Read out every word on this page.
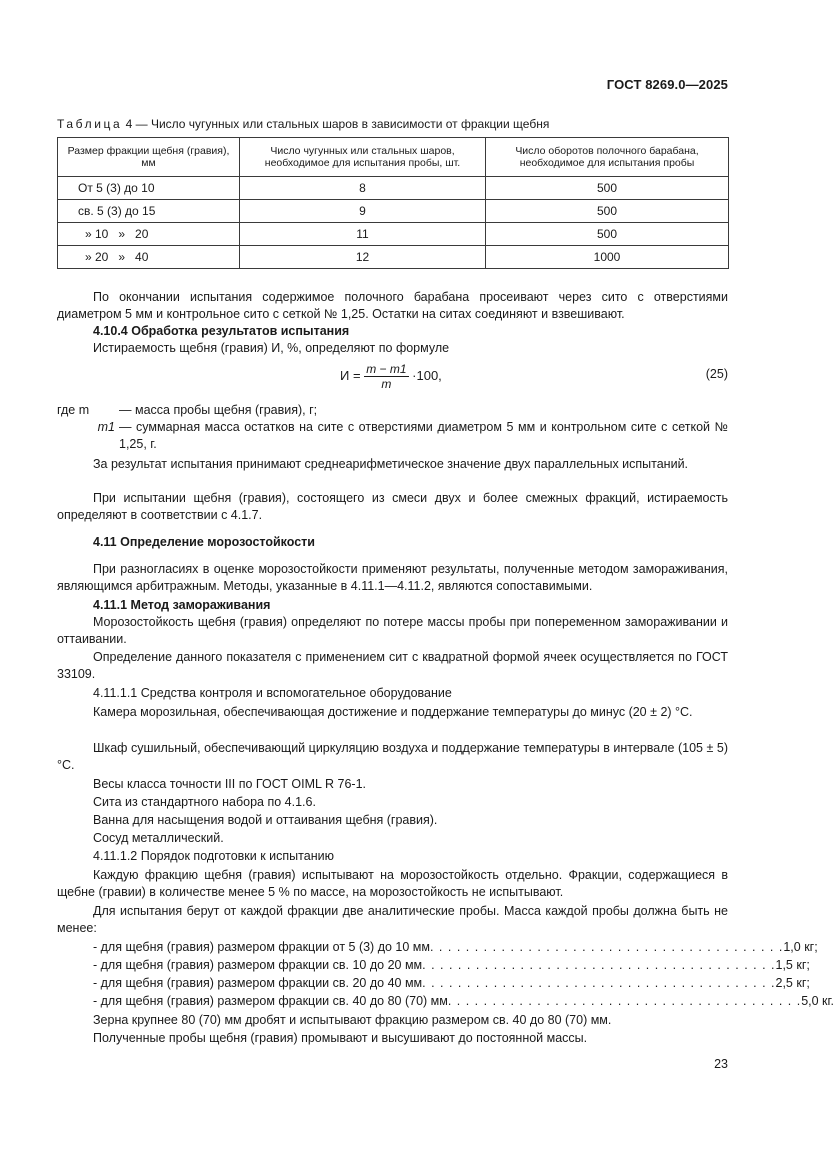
ГОСТ 8269.0—2025
Таблица 4 — Число чугунных или стальных шаров в зависимости от фракции щебня
Размер фракции щебня (гравия), мм	Число чугунных или стальных шаров, необходимое для испытания пробы, шт.	Число оборотов полочного барабана, необходимое для испытания пробы
От 5 (3) до 10	8	500
св. 5 (3) до 15	9	500
» 10   »   20	11	500
» 20   »   40	12	1000
По окончании испытания содержимое полочного барабана просеивают через сито с отверстиями диаметром 5 мм и контрольное сито с сеткой № 1,25. Остатки на ситах соединяют и взвешивают.
4.10.4 Обработка результатов испытания
Истираемость щебня (гравия) И, %, определяют по формуле
$И = \frac{m - m1}{m} \cdot 100$,	(25)
где m	— масса пробы щебня (гравия), г;
m1 — суммарная масса остатков на сите с отверстиями диаметром 5 мм и контрольном сите с сеткой № 1,25, г.
За результат испытания принимают среднеарифметическое значение двух параллельных испытаний.
При испытании щебня (гравия), состоящего из смеси двух и более смежных фракций, истираемость определяют в соответствии с 4.1.7.
4.11 Определение морозостойкости
При разногласиях в оценке морозостойкости применяют результаты, полученные методом замораживания, являющимся арбитражным. Методы, указанные в 4.11.1—4.11.2, являются сопоставимыми.
4.11.1 Метод замораживания
Морозостойкость щебня (гравия) определяют по потере массы пробы при попеременном замораживании и оттаивании.
Определение данного показателя с применением сит с квадратной формой ячеек осуществляется по ГОСТ 33109.
4.11.1.1 Средства контроля и вспомогательное оборудование
Камера морозильная, обеспечивающая достижение и поддержание температуры до минус (20 ± 2) °С.
Шкаф сушильный, обеспечивающий циркуляцию воздуха и поддержание температуры в интервале (105 ± 5) °С.
Весы класса точности III по ГОСТ OIML R 76-1.
Сита из стандартного набора по 4.1.6.
Ванна для насыщения водой и оттаивания щебня (гравия).
Сосуд металлический.
4.11.1.2 Порядок подготовки к испытанию
Каждую фракцию щебня (гравия) испытывают на морозостойкость отдельно. Фракции, содержащиеся в щебне (гравии) в количестве менее 5 % по массе, на морозостойкость не испытывают.
Для испытания берут от каждой фракции две аналитические пробы. Масса каждой пробы должна быть не менее:
- для щебня (гравия) размером фракции от 5 (3) до 10 мм . . . . . . . . . . . . . . . . . . . . . . . . . . . . . . . . . . . . . . . . 1,0 кг;
- для щебня (гравия) размером фракции св. 10 до 20 мм . . . . . . . . . . . . . . . . . . . . . . . . . . . . . . . . . . . . . . . . 1,5 кг;
- для щебня (гравия) размером фракции св. 20 до 40 мм . . . . . . . . . . . . . . . . . . . . . . . . . . . . . . . . . . . . . . . . 2,5 кг;
- для щебня (гравия) размером фракции св. 40 до 80 (70) мм . . . . . . . . . . . . . . . . . . . . . . . . . . . . . . . . . . . . . . . . 5,0 кг.
Зерна крупнее 80 (70) мм дробят и испытывают фракцию размером св. 40 до 80 (70) мм.
Полученные пробы щебня (гравия) промывают и высушивают до постоянной массы.
23
